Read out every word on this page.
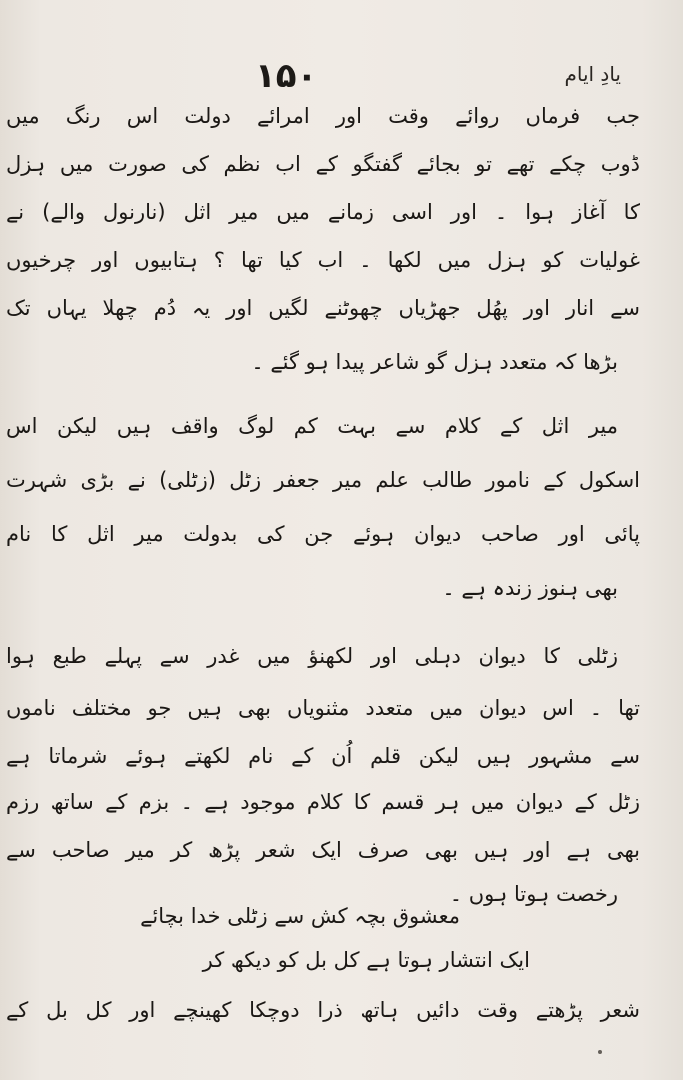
۱۵۰	یادِ ایام
جب فرماں روائے وقت اور امرائے دولت اس رنگ میں
ڈوب چکے تھے تو بجائے گفتگو کے اب نظم کی صورت میں ہزل
کا آغاز ہوا ۔ اور اسی زمانے میں میر اثل (نارنول والے) نے
غولیات کو ہزل میں لکھا ۔ اب کیا تھا ؟ ہتابیوں اور چرخیوں
سے انار اور پھُل جھڑیاں چھوٹنے لگیں اور یہ دُم چھلا یہاں تک
بڑھا کہ متعدد ہزل گو شاعر پیدا ہو گئے ۔
میر اثل کے کلام سے بہت کم لوگ واقف ہیں لیکن اس
اسکول کے نامور طالب علم میر جعفر زٹل (زٹلی) نے بڑی شہرت
پائی اور صاحب دیوان ہوئے جن کی بدولت میر اثل کا نام
بھی ہنوز زندہ ہے ۔
زٹلی کا دیوان دہلی اور لکھنؤ میں غدر سے پہلے طبع ہوا
تھا ۔ اس دیوان میں متعدد مثنویاں بھی ہیں جو مختلف ناموں
سے مشہور ہیں لیکن قلم اُن کے نام لکھتے ہوئے شرماتا ہے
زٹل کے دیوان میں ہر قسم کا کلام موجود ہے ۔ بزم کے ساتھ رزم
بھی ہے اور ہیں بھی صرف ایک شعر پڑھ کر میر صاحب سے
رخصت ہوتا ہوں ۔
معشوق بچہ کش سے زٹلی خدا بچائے
ایک انتشار ہوتا ہے کل بل کو دیکھ کر
شعر پڑھتے وقت دائیں ہاتھ ذرا دوچکا کھینچے اور کل بل کے
